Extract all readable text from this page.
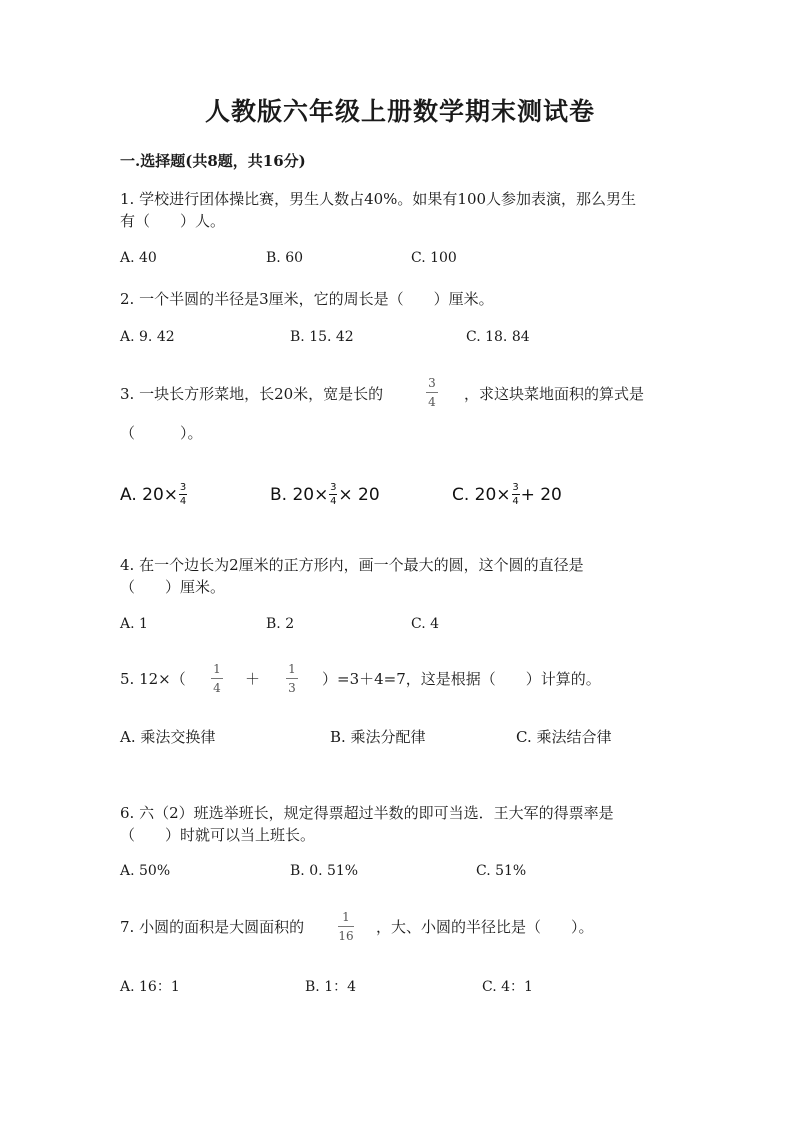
人教版六年级上册数学期末测试卷
一.选择题(共8题，共16分)
1. 学校进行团体操比赛，男生人数占40%。如果有100人参加表演，那么男生
有（　　）人。
A. 40	B. 60	C. 100
2. 一个半圆的半径是3厘米，它的周长是（　　）厘米。
A. 9. 42	B. 15. 42	C. 18. 84
3. 一块长方形菜地，长20米，宽是长的
3
4 ，求这块菜地面积的算式是
（　　　）。
A. 20× 3
4	B. 20× 3
4 × 20	C. 20× 3
4 + 20
4. 在一个边长为2厘米的正方形内，画一个最大的圆，这个圆的直径是
（　　）厘米。
A. 1	B. 2	C. 4
5. 12×（
1
4 ＋
1
3 ）=3＋4=7，这是根据（　　）计算的。
A. 乘法交换律	B. 乘法分配律	C. 乘法结合律
6. 六（2）班选举班长，规定得票超过半数的即可当选．王大军的得票率是
（　　）时就可以当上班长。
A. 50%	B. 0. 51%	C. 51%
7. 小圆的面积是大圆面积的
1
16 ，大、小圆的半径比是（　　）。
A. 16：1	B. 1：4	C. 4：1
